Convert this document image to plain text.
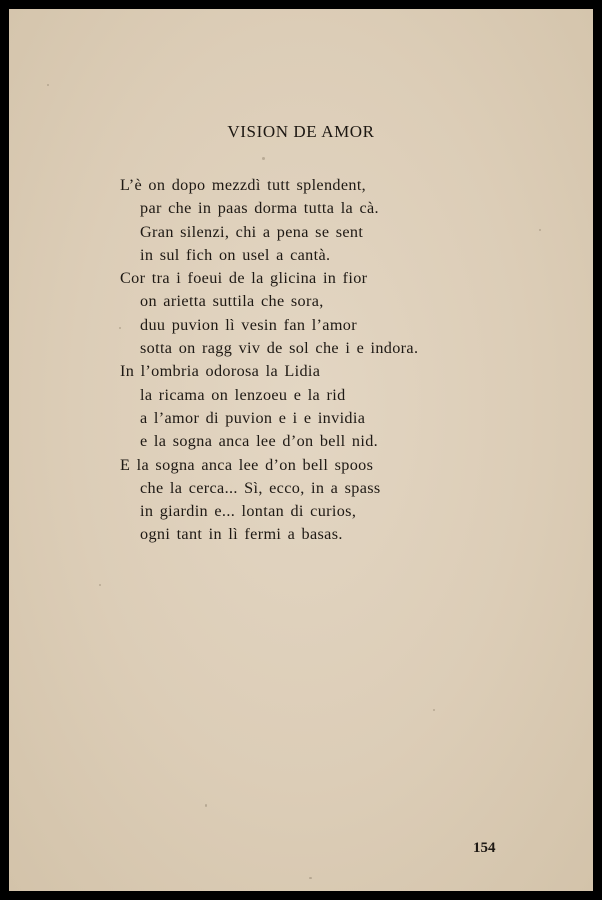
VISION DE AMOR
L’è on dopo mezzdì tutt splendent,
par che in paas dorma tutta la cà.
Gran silenzi, chi a pena se sent
in sul fich on usel a cantà.
Cor tra i foeui de la glicina in fior
on arietta suttila che sora,
duu puvion lì vesin fan l’amor
sotta on ragg viv de sol che i e indora.
In l’ombria odorosa la Lidia
la ricama on lenzoeu e la rid
a l’amor di puvion e i e invidia
e la sogna anca lee d’on bell nid.
E la sogna anca lee d’on bell spoos
che la cerca... Sì, ecco, in a spass
in giardin e... lontan di curios,
ogni tant in lì fermi a basas.
154
